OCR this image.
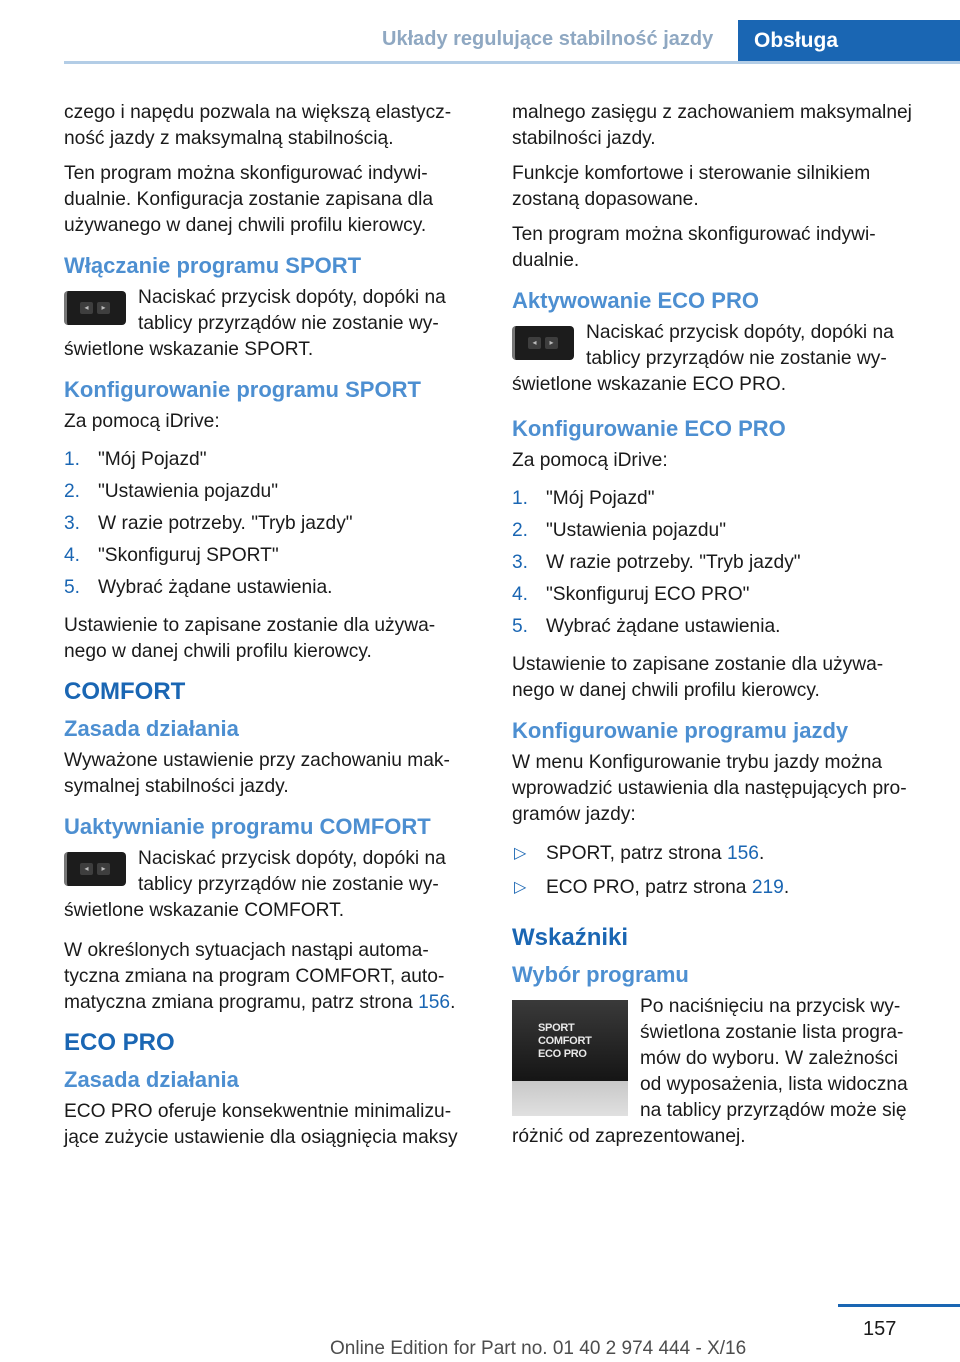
Układy regulujące stabilność jazdy	Obsługa

czego i napędu pozwala na większą elastyczność jazdy z maksymalną stabilnością.

Ten program można skonfigurować indywidualnie. Konfiguracja zostanie zapisana dla używanego w danej chwili profilu kierowcy.

Włączanie programu SPORT
◂	▸ Naciskać przycisk dopóty, dopóki na tablicy przyrządów nie zostanie wyświetlone wskazanie SPORT.
Konfigurowanie programu SPORT

Za pomocą iDrive:

1. "Mój Pojazd"
2. "Ustawienia pojazdu"
3. W razie potrzeby. "Tryb jazdy"
4. "Skonfiguruj SPORT"
5. Wybrać żądane ustawienia.

Ustawienie to zapisane zostanie dla używanego w danej chwili profilu kierowcy.

COMFORT
Zasada działania

Wyważone ustawienie przy zachowaniu maksymalnej stabilności jazdy.

Uaktywnianie programu COMFORT
◂	▸ Naciskać przycisk dopóty, dopóki na tablicy przyrządów nie zostanie wyświetlone wskazanie COMFORT.

W określonych sytuacjach nastąpi automatyczna zmiana na program COMFORT, automatyczna zmiana programu, patrz strona 156.

ECO PRO
Zasada działania

ECO PRO oferuje konsekwentnie minimalizujące zużycie ustawienie dla osiągnięcia maksy

malnego zasięgu z zachowaniem maksymalnej stabilności jazdy.

Funkcje komfortowe i sterowanie silnikiem zostaną dopasowane.

Ten program można skonfigurować indywidualnie.

Aktywowanie ECO PRO
◂	▸ Naciskać przycisk dopóty, dopóki na tablicy przyrządów nie zostanie wyświetlone wskazanie ECO PRO.
Konfigurowanie ECO PRO

Za pomocą iDrive:

1. "Mój Pojazd"
2. "Ustawienia pojazdu"
3. W razie potrzeby. "Tryb jazdy"
4. "Skonfiguruj ECO PRO"
5. Wybrać żądane ustawienia.

Ustawienie to zapisane zostanie dla używanego w danej chwili profilu kierowcy.

Konfigurowanie programu jazdy

W menu Konfigurowanie trybu jazdy można wprowadzić ustawienia dla następujących programów jazdy:

▷ SPORT, patrz strona 156.
▷ ECO PRO, patrz strona 219.
Wskaźniki
Wybór programu
SPORT
COMFORT
ECO PRO
Po naciśnięciu na przycisk wyświetlona zostanie lista programów do wyboru. W zależności od wyposażenia, lista widoczna na tablicy przyrządów może się różnić od zaprezentowanej.
157
Online Edition for Part no. 01 40 2 974 444 - X/16
